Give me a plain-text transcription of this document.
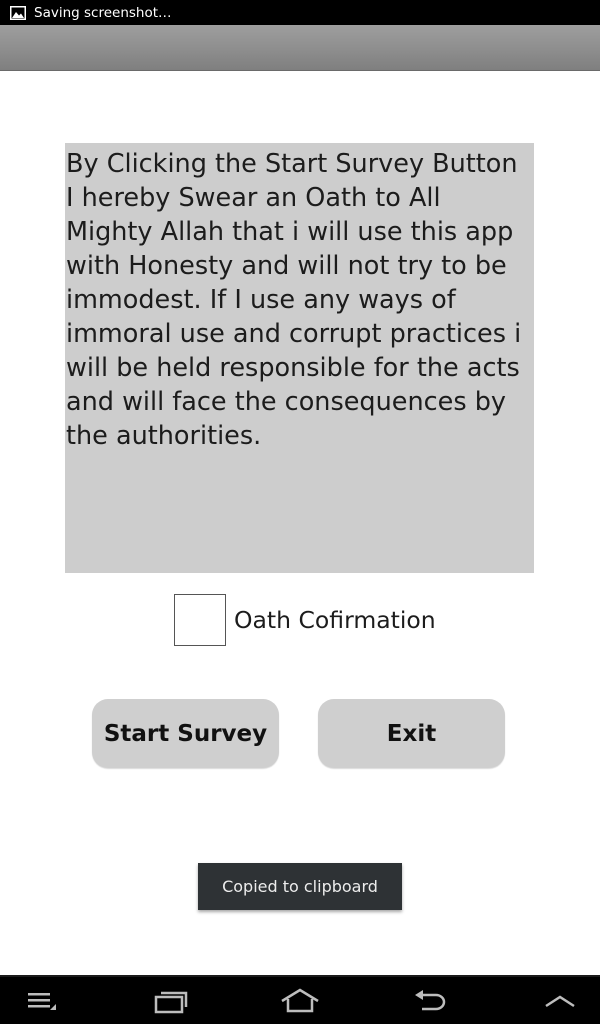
Saving screenshot…
By Clicking the Start Survey Button I hereby Swear an Oath to All Mighty Allah that i will use this app with Honesty and will not try to be immodest. If I use any ways of immoral use and corrupt practices i will be held responsible for the acts and will face the consequences by the authorities.
Oath Cofirmation
Start Survey	Exit
Copied to clipboard
